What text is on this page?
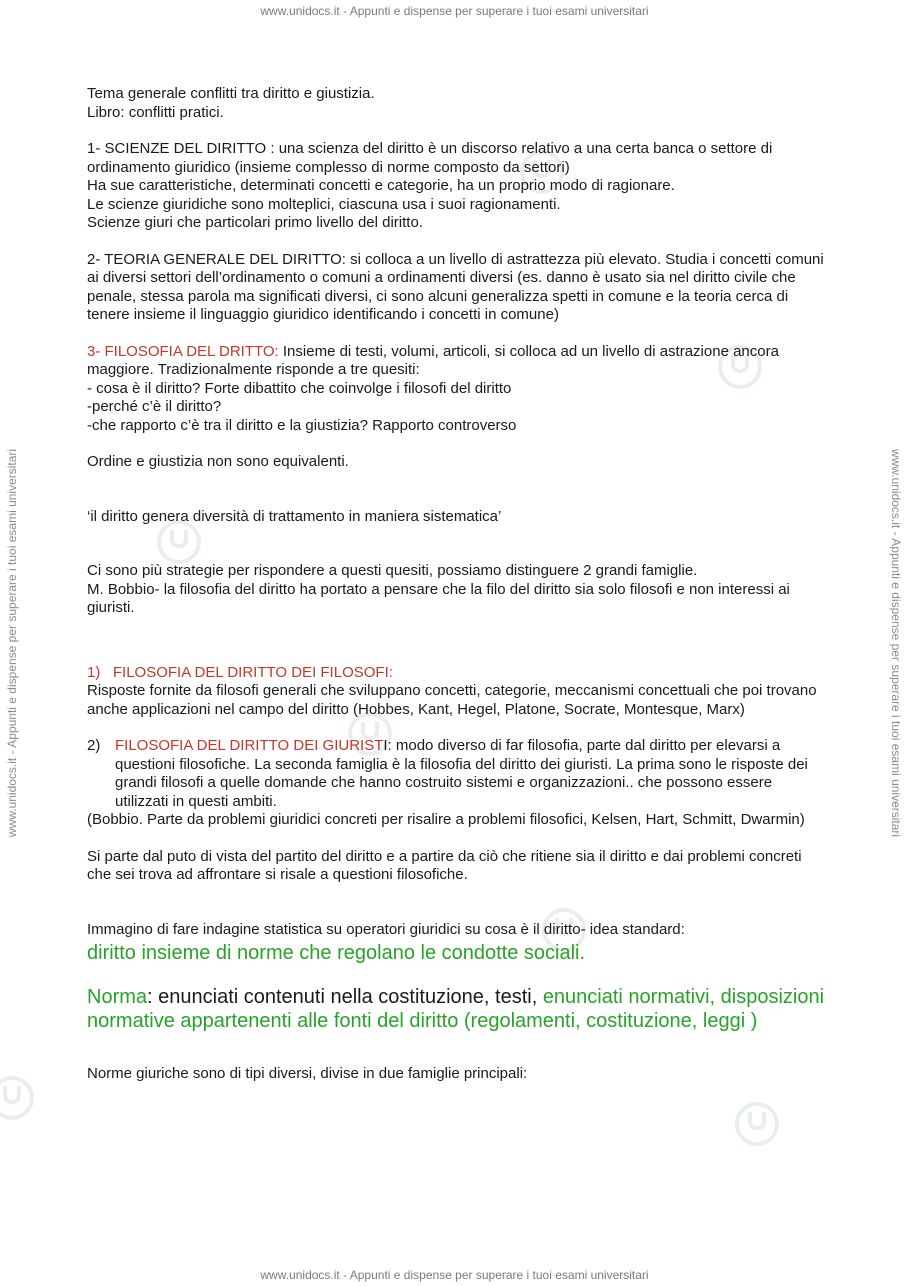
www.unidocs.it - Appunti e dispense per superare i tuoi esami universitari
www.unidocs.it - Appunti e dispense per superare i tuoi esami universitari
www.unidocs.it - Appunti e dispense per superare i tuoi esami universitari	www.unidocs.it - Appunti e dispense per superare i tuoi esami universitari

Tema generale conflitti tra diritto e giustizia.

Libro: conflitti pratici.

1- SCIENZE DEL DIRITTO : una scienza del diritto è un discorso relativo a una certa banca o settore di ordinamento giuridico (insieme complesso di norme composto da settori)

Ha sue caratteristiche, determinati concetti e categorie, ha un proprio modo di ragionare.

Le scienze giuridiche sono molteplici, ciascuna usa i suoi ragionamenti.

Scienze giuri che particolari primo livello del diritto.

2- TEORIA GENERALE DEL DIRITTO: si colloca a un livello di astrattezza più elevato. Studia i concetti comuni ai diversi settori dell’ordinamento o comuni a ordinamenti diversi (es. danno è usato sia nel diritto civile che penale, stessa parola ma significati diversi, ci sono alcuni generalizza spetti in comune e la teoria cerca di tenere insieme il linguaggio giuridico identificando i concetti in comune)

3- FILOSOFIA DEL DRITTO: Insieme di testi, volumi, articoli, si colloca ad un livello di astrazione ancora maggiore. Tradizionalmente risponde a tre quesiti:

- cosa è il diritto? Forte dibattito che coinvolge i filosofi del diritto

-perché c’è il diritto?

-che rapporto c’è tra il diritto e la giustizia? Rapporto controverso

Ordine e giustizia non sono equivalenti.

‘il diritto genera diversità di trattamento in maniera sistematica’

Ci sono più strategie per rispondere a questi quesiti, possiamo distinguere 2 grandi famiglie.

M. Bobbio- la filosofia del diritto ha portato a pensare che la filo del diritto sia solo filosofi e non interessi ai giuristi.

1) FILOSOFIA DEL DIRITTO DEI FILOSOFI:

Risposte fornite da filosofi generali che sviluppano concetti, categorie, meccanismi concettuali che poi trovano anche applicazioni nel campo del diritto (Hobbes, Kant, Hegel, Platone, Socrate, Montesque, Marx)

2) FILOSOFIA DEL DIRITTO DEI GIURISTI: modo diverso di far filosofia, parte dal diritto per elevarsi a questioni filosofiche. La seconda famiglia è la filosofia del diritto dei giuristi. La prima sono le risposte dei grandi filosofi a quelle domande che hanno costruito sistemi e organizzazioni.. che possono essere utilizzati in questi ambiti.

(Bobbio. Parte da problemi giuridici concreti per risalire a problemi filosofici, Kelsen, Hart, Schmitt, Dwarmin)

Si parte dal puto di vista del partito del diritto e a partire da ciò che ritiene sia il diritto e dai problemi concreti che sei trova ad affrontare si risale a questioni filosofiche.

Immagino di fare indagine statistica su operatori giuridici su cosa è il diritto- idea standard:

diritto insieme di norme che regolano le condotte sociali.

Norma: enunciati contenuti nella costituzione, testi, enunciati normativi, disposizioni normative appartenenti alle fonti del diritto (regolamenti, costituzione, leggi )

Norme giuriche sono di tipi diversi, divise in due famiglie principali:
